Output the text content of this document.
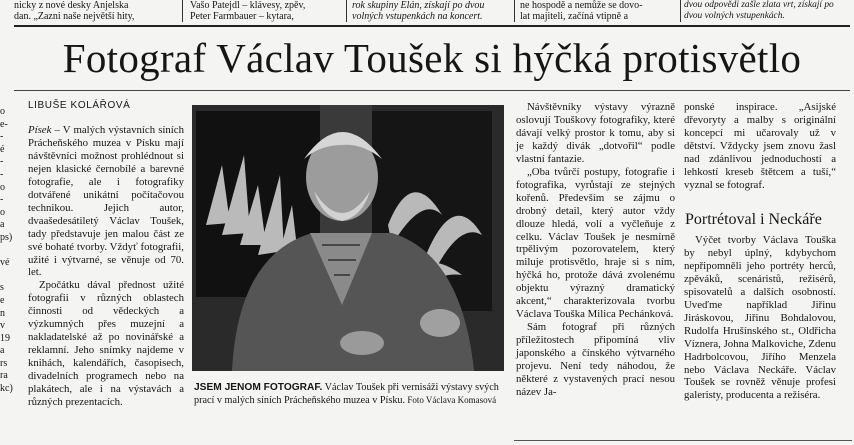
nicky z nové desky Anjelska
dan. „Zazni naše největší hity,
Vašo Patejdl – klávesy, zpěv,
Peter Farmbauer – kytara,
rok skupiny Elán, získají po dvou
volných vstupenkách na koncert.
ne hospodě a nemůže se dovo-
lat majiteli, začíná vtipně a
dvou odpovědi zašle zlata vrt, získají po
dvou volných vstupenkách.
Fotograf Václav Toušek si hýčká protisvětlo
o
e-
-
é
-
-
o
-
o
a
ps)

vé

s
e
n
v
19
a
rs
ra
kc)
LIBUŠE KOLÁŘOVÁ

Písek – V malých výstavních síních Prácheňského muzea v Písku mají návštěvníci možnost prohlédnout si nejen klasické černobílé a barevné fotografie, ale i fotografiky dotvářené unikátní počítačovou technikou. Jejich autor, dvaašedesátiletý Václav Toušek, tady představuje jen malou část ze své bohaté tvorby. Vždyť fotografii, užité i výtvarné, se věnuje od 70. let.

Zpočátku dával přednost užité fotografii v různých oblastech činnosti od vědeckých a výzkumných přes muzejní a nakladatelské až po novinářské a reklamní. Jeho snímky najdeme v knihách, kalendářích, časopisech, divadelních programech nebo na plakátech, ale i na výstavách a různých prezentacích.

JSEM JENOM FOTOGRAF. Václav Toušek při vernisáži výstavy svých prací v malých síních Prácheňského muzea v Písku. Foto Václava Komasová

Návštěvníky výstavy výrazně oslovují Touškovy fotografiky, které dávají velký prostor k tomu, aby si je každý divák „dotvořil“ podle vlastní fantazie.

„Oba tvůrčí postupy, fotografie i fotografika, vyrůstají ze stejných kořenů. Především se zájmu o drobný detail, který autor vždy dlouze hledá, volí a vyčleňuje z celku. Václav Toušek je nesmírně trpělivým pozorovatelem, který miluje protisvětlo, hraje si s ním, hýčká ho, protože dává zvolenému objektu výrazný dramatický akcent,“ charakterizovala tvorbu Václava Touška Milica Pechánková.

Sám fotograf při různých příležitostech připomíná vliv japonského a čínského výtvarného projevu. Není tedy náhodou, že některé z vystavených prací nesou název Ja-

ponské inspirace. „Asijské dřevoryty a malby s originální koncepcí mi učarovaly už v dětství. Vždycky jsem znovu žasl nad zdánlivou jednoduchostí a lehkostí kreseb štětcem a tuší,“ vyznal se fotograf.

Portrétoval i Neckáře

Výčet tvorby Václava Touška by nebyl úplný, kdybychom nepřipomněli jeho portréty herců, zpěváků, scenáristů, režisérů, spisovatelů a dalších osobností. Uveďme například Jiřinu Jiráskovou, Jiřinu Bohdalovou, Rudolfa Hrušínského st., Oldřicha Víznera, Johna Malkoviche, Zdenu Hadrbolcovou, Jiřího Menzela nebo Václava Neckáře. Václav Toušek se rovněž věnuje profesi galeristy, producenta a režiséra.
